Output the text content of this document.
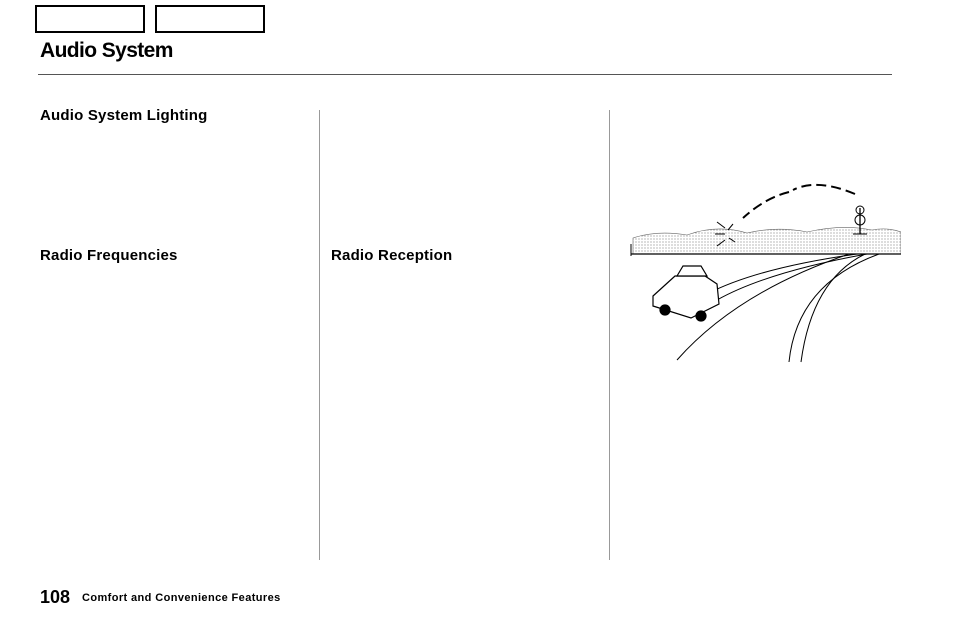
Audio System
Audio System Lighting
Radio Frequencies	Radio Reception
108 Comfort and Convenience Features
